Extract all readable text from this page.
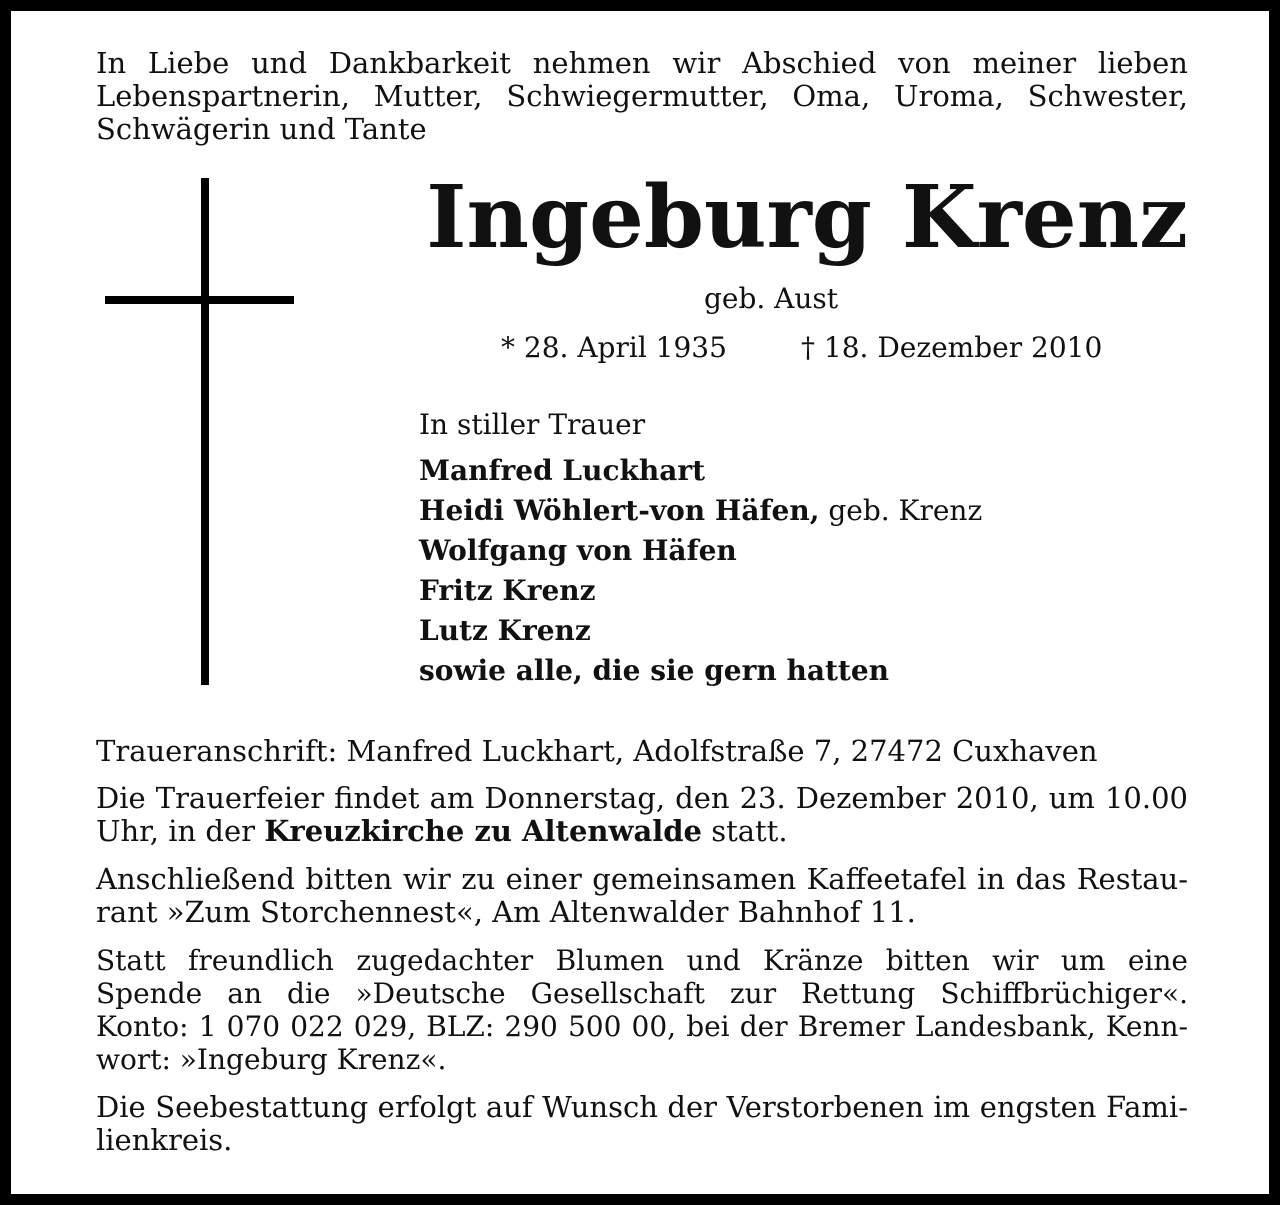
In Liebe und Dankbarkeit nehmen wir Abschied von meiner lieben
Lebenspartnerin, Mutter, Schwiegermutter, Oma, Uroma, Schwester,
Schwägerin und Tante
Ingeburg Krenz
geb. Aust
* 28. April 1935	† 18. Dezember 2010
In stiller Trauer
Manfred Luckhart
Heidi Wöhlert-von Häfen, geb. Krenz
Wolfgang von Häfen
Fritz Krenz
Lutz Krenz
sowie alle, die sie gern hatten
Traueranschrift: Manfred Luckhart, Adolfstraße 7, 27472 Cuxhaven
Die Trauerfeier findet am Donnerstag, den 23. Dezember 2010, um 10.00
Uhr, in der Kreuzkirche zu Altenwalde statt.
Anschließend bitten wir zu einer gemeinsamen Kaffeetafel in das Restau-
rant »Zum Storchennest«, Am Altenwalder Bahnhof 11.
Statt freundlich zugedachter Blumen und Kränze bitten wir um eine
Spende an die »Deutsche Gesellschaft zur Rettung Schiffbrüchiger«.
Konto: 1 070 022 029, BLZ: 290 500 00, bei der Bremer Landesbank, Kenn-
wort: »Ingeburg Krenz«.
Die Seebestattung erfolgt auf Wunsch der Verstorbenen im engsten Fami-
lienkreis.
